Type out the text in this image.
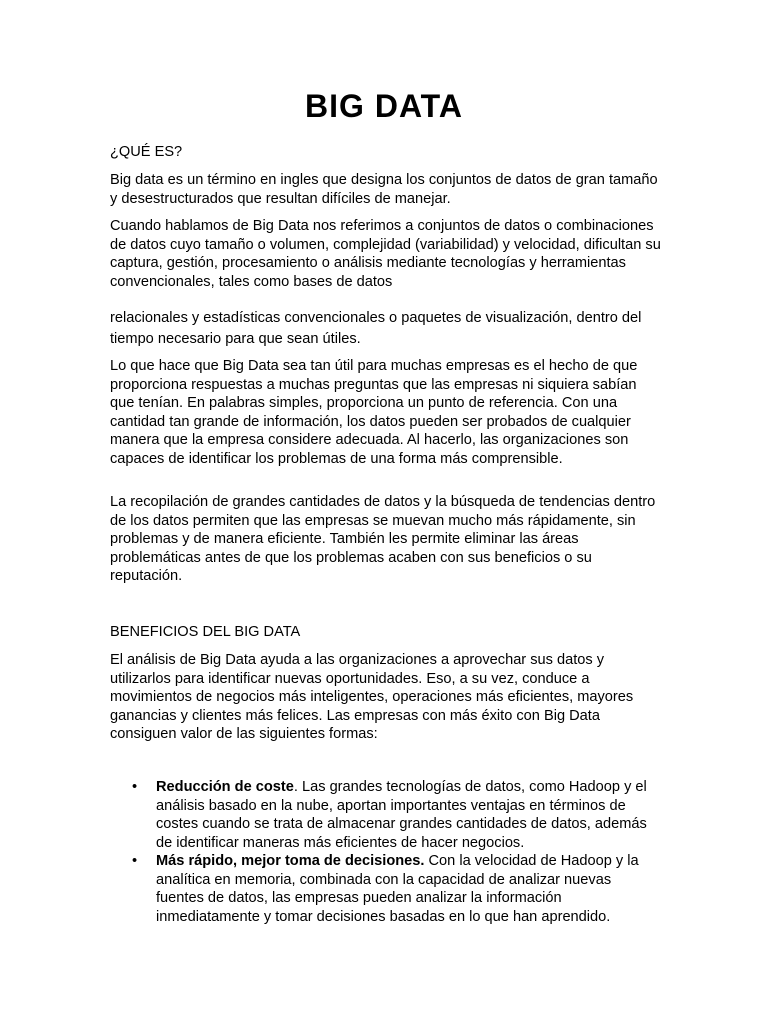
BIG DATA

¿QUÉ ES?

Big data es un término en ingles que designa los conjuntos de datos de gran tamaño y desestructurados que resultan difíciles de manejar.

Cuando hablamos de Big Data nos referimos a conjuntos de datos o combinaciones de datos cuyo tamaño o volumen, complejidad (variabilidad) y velocidad, dificultan su captura, gestión, procesamiento o análisis mediante tecnologías y herramientas convencionales, tales como bases de datos

relacionales y estadísticas convencionales o paquetes de visualización, dentro del tiempo necesario para que sean útiles.

Lo que hace que Big Data sea tan útil para muchas empresas es el hecho de que proporciona respuestas a muchas preguntas que las empresas ni siquiera sabían que tenían. En palabras simples, proporciona un punto de referencia. Con una cantidad tan grande de información, los datos pueden ser probados de cualquier manera que la empresa considere adecuada. Al hacerlo, las organizaciones son capaces de identificar los problemas de una forma más comprensible.

La recopilación de grandes cantidades de datos y la búsqueda de tendencias dentro de los datos permiten que las empresas se muevan mucho más rápidamente, sin problemas y de manera eficiente. También les permite eliminar las áreas problemáticas antes de que los problemas acaben con sus beneficios o su reputación.

BENEFICIOS DEL BIG DATA

El análisis de Big Data ayuda a las organizaciones a aprovechar sus datos y utilizarlos para identificar nuevas oportunidades. Eso, a su vez, conduce a movimientos de negocios más inteligentes, operaciones más eficientes, mayores ganancias y clientes más felices. Las empresas con más éxito con Big Data consiguen valor de las siguientes formas:

• Reducción de coste. Las grandes tecnologías de datos, como Hadoop y el análisis basado en la nube, aportan importantes ventajas en términos de costes cuando se trata de almacenar grandes cantidades de datos, además de identificar maneras más eficientes de hacer negocios.
• Más rápido, mejor toma de decisiones. Con la velocidad de Hadoop y la analítica en memoria, combinada con la capacidad de analizar nuevas fuentes de datos, las empresas pueden analizar la información inmediatamente y tomar decisiones basadas en lo que han aprendido.
